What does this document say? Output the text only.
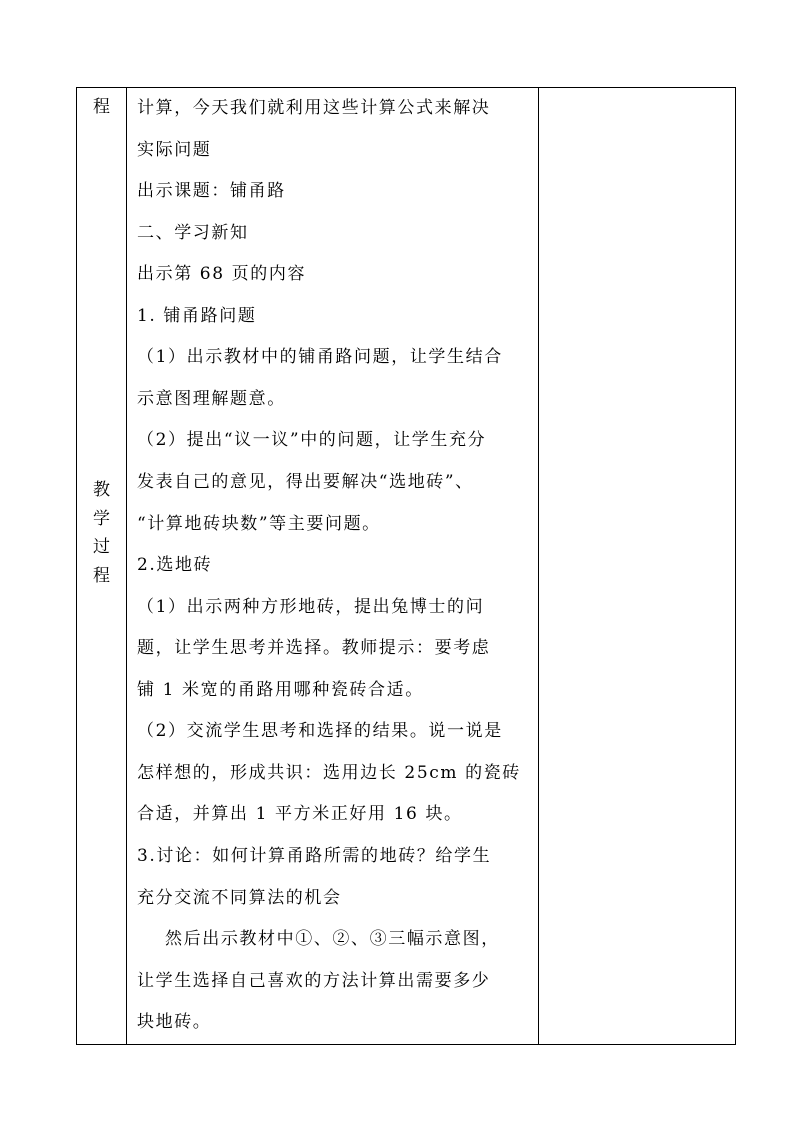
程
教
学
过
程
计算，今天我们就利用这些计算公式来解决
实际问题
出示课题：铺甬路
二、学习新知
出示第 68 页的内容
1. 铺甬路问题
（1）出示教材中的铺甬路问题，让学生结合
示意图理解题意。
（2）提出“议一议”中的问题，让学生充分
发表自己的意见，得出要解决“选地砖”、
“计算地砖块数”等主要问题。
2.选地砖
（1）出示两种方形地砖，提出兔博士的问
题，让学生思考并选择。教师提示：要考虑
铺 1 米宽的甬路用哪种瓷砖合适。
（2）交流学生思考和选择的结果。说一说是
怎样想的，形成共识：选用边长 25cm 的瓷砖
合适，并算出 1 平方米正好用 16 块。
3.讨论：如何计算甬路所需的地砖？给学生
充分交流不同算法的机会
然后出示教材中①、②、③三幅示意图，
让学生选择自己喜欢的方法计算出需要多少
块地砖。
